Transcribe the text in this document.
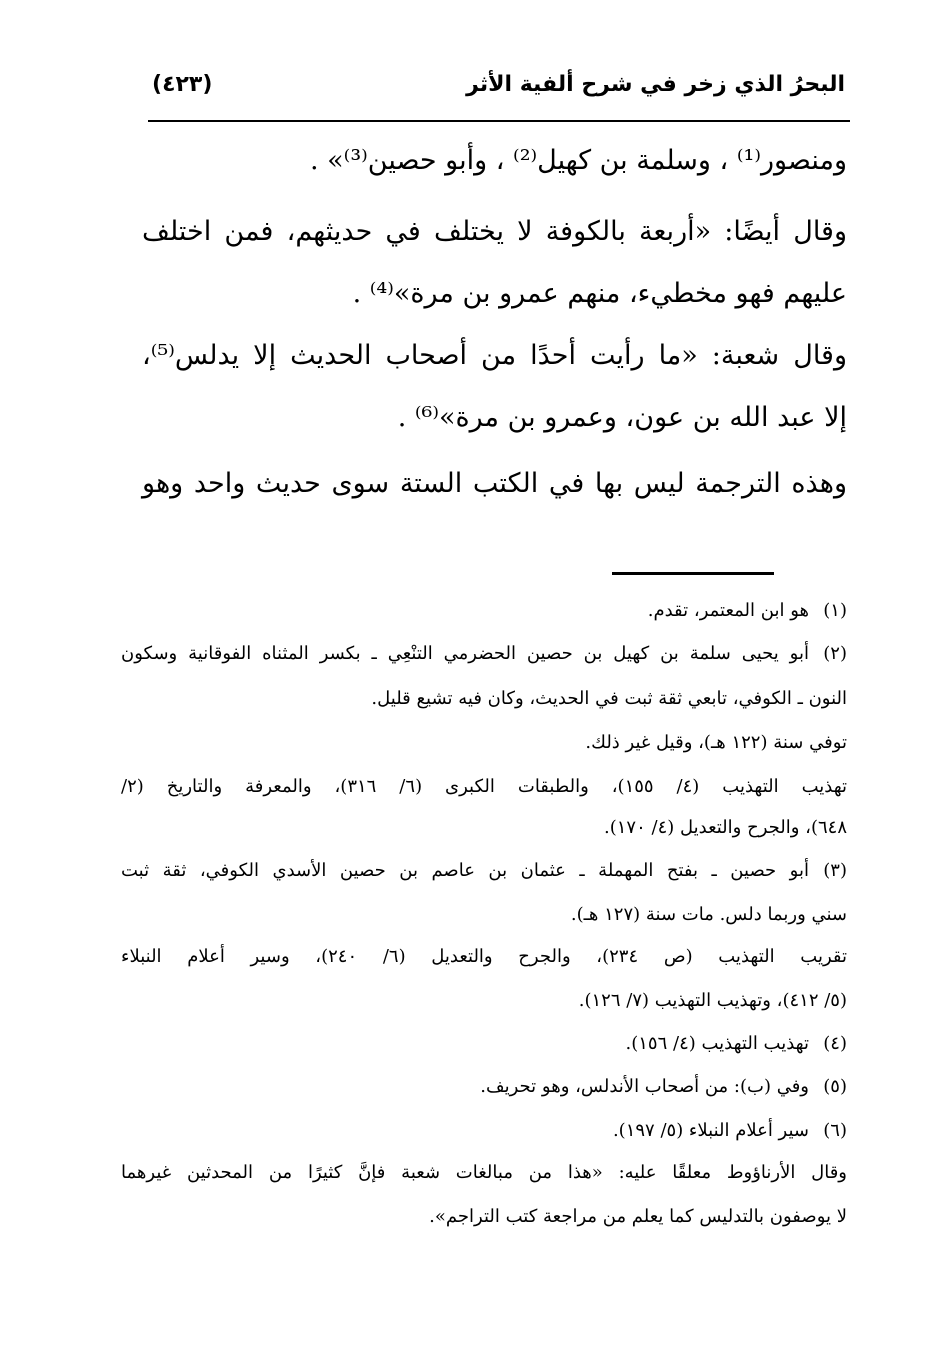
البحرُ الذي زخر في شرح ألفية الأثر
(٤٢٣)
ومنصور⁽¹⁾ ، وسلمة بن كهيل⁽²⁾ ، وأبو حصين⁽³⁾» .
وقال أيضًا: «أربعة بالكوفة لا يختلف في حديثهم، فمن اختلف
عليهم فهو مخطيء، منهم عمرو بن مرة»⁽⁴⁾ .
وقال شعبة: «ما رأيت أحدًا من أصحاب الحديث إلا يدلس⁽⁵⁾،
إلا عبد الله بن عون، وعمرو بن مرة»⁽⁶⁾ .
وهذه الترجمة ليس بها في الكتب الستة سوى حديث واحد وهو
(١)
هو ابن المعتمر، تقدم.
(٢)
أبو يحيى سلمة بن كهيل بن حصين الحضرمي التنْعِي ـ بكسر المثناه الفوقانية وسكون
النون ـ الكوفي، تابعي ثقة ثبت في الحديث، وكان فيه تشيع قليل.
توفي سنة (١٢٢ هـ)، وقيل غير ذلك.
تهذيب التهذيب (٤/ ١٥٥)، والطبقات الكبرى (٦/ ٣١٦)، والمعرفة والتاريخ (٢/
٦٤٨)، والجرح والتعديل (٤/ ١٧٠).
(٣)
أبو حصين ـ بفتح المهملة ـ عثمان بن عاصم بن حصين الأسدي الكوفي، ثقة ثبت
سني وربما دلس. مات سنة (١٢٧ هـ).
تقريب التهذيب (ص ٢٣٤)، والجرح والتعديل (٦/ ٢٤٠)، وسير أعلام النبلاء
(٥/ ٤١٢)، وتهذيب التهذيب (٧/ ١٢٦).
(٤)
تهذيب التهذيب (٤/ ١٥٦).
(٥)
وفي (ب): من أصحاب الأندلس، وهو تحريف.
(٦)
سير أعلام النبلاء (٥/ ١٩٧).
وقال الأرناؤوط معلقًا عليه: «هذا من مبالغات شعبة فإنَّ كثيرًا من المحدثين غيرهما
لا يوصفون بالتدليس كما يعلم من مراجعة كتب التراجم».
